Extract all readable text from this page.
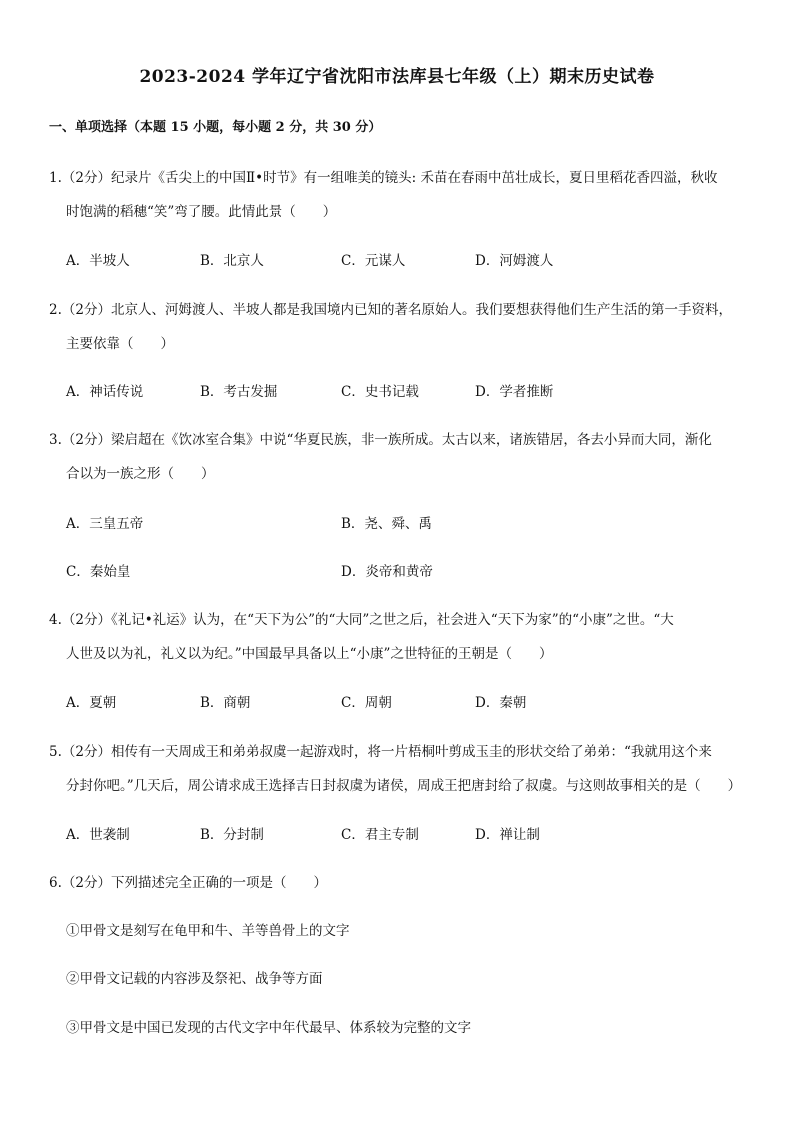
2023-2024 学年辽宁省沈阳市法库县七年级（上）期末历史试卷
一、单项选择（本题 15 小题，每小题 2 分，共 30 分）
1.（2分）纪录片《舌尖上的中国Ⅱ•时节》有一组唯美的镜头: 禾苗在春雨中茁壮成长，夏日里稻花香四溢，秋收
时饱满的稻穗“笑”弯了腰。此情此景（　　）
A．半坡人	B．北京人	C．元谋人	D．河姆渡人
2.（2分）北京人、河姆渡人、半坡人都是我国境内已知的著名原始人。我们要想获得他们生产生活的第一手资料，
主要依靠（　　）
A．神话传说	B．考古发掘	C．史书记载	D．学者推断
3.（2分）梁启超在《饮冰室合集》中说“华夏民族，非一族所成。太古以来，诸族错居，各去小异而大同，渐化
合以为一族之形（　　）
A．三皇五帝	B．尧、舜、禹
C．秦始皇	D．炎帝和黄帝
4.（2分）《礼记•礼运》认为，在“天下为公”的“大同”之世之后，社会进入“天下为家”的“小康”之世。“大
人世及以为礼，礼义以为纪。”中国最早具备以上“小康”之世特征的王朝是（　　）
A．夏朝	B．商朝	C．周朝	D．秦朝
5.（2分）相传有一天周成王和弟弟叔虞一起游戏时，将一片梧桐叶剪成玉圭的形状交给了弟弟：“我就用这个来
分封你吧。”几天后，周公请求成王选择吉日封叔虞为诸侯，周成王把唐封给了叔虞。与这则故事相关的是（　　）
A．世袭制	B．分封制	C．君主专制	D．禅让制
6.（2分）下列描述完全正确的一项是（　　）
①甲骨文是刻写在龟甲和牛、羊等兽骨上的文字
②甲骨文记载的内容涉及祭祀、战争等方面
③甲骨文是中国已发现的古代文字中年代最早、体系较为完整的文字
